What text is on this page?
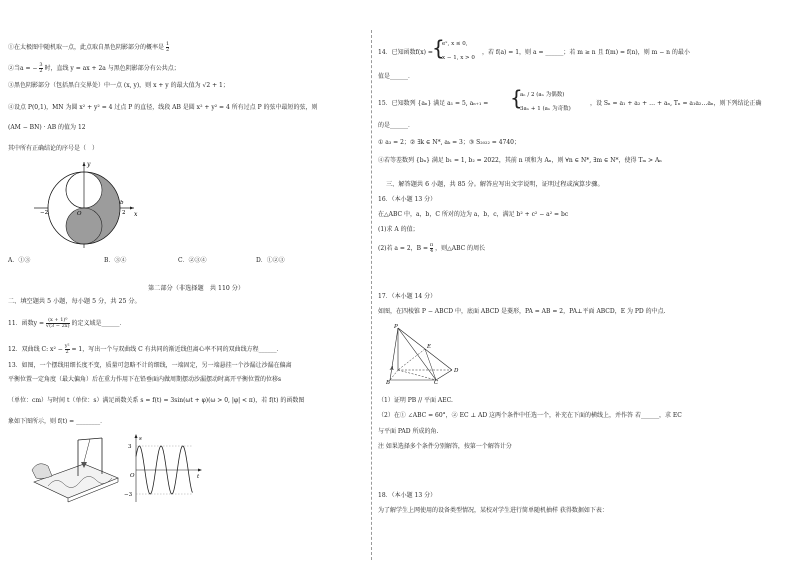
①在太极图中随机取一点，此点取自黑色阴影部分的概率是 $\frac{1}{2}$
②当a = − $\frac{3}{2}$ 时，直线 y = ax + 2a 与黑色阴影部分有公共点；
③黑色阴影部分（包括黑白交界处）中一点 (x, y)，则 x + y 的最大值为 √2 + 1；
④设点 P(0,1)，MN 为圆 x² + y² = 4 过点 P 的直径，线段 AB 是圆 x² + y² = 4 所有过点 P 的弦中最短的弦，则
(AM − BN) · AB 的值为 12
其中所有正确结论的序号是（　）
x
y
−2	2
O
b
A．①③	B．③④	C．②③④	D．①②③
第二部分（非选择题　共 110 分）
二、填空题共 5 小题，每小题 5 分，共 25 分。
11．函数$y = \frac{\text{(x + 1)⁰}}{√(3 - 2x)}$ 的定义域是______．
12．双曲线 C: $x^2 - \frac{\text{y²}}{2} = 1$，写出一个与双曲线 C 有共同的渐近线但离心率不同的双曲线方程______．
13．如图，一个摆线用细长度不变，质量可忽略不计的细线，一端固定，另一端悬挂一个沙漏让沙漏在偏离
平衡位置一定角度（最大偏角）后在重力作用下在铅垂面内做周期摆动沙漏摆动时离开平衡位置的位移s
（单位：cm）与时间 t（单位：s）满足函数关系 s = f(t) = 3sin(ωt + φ)(ω > 0, |φ| < π)，若 f(t) 的函数图
象如下图所示，则 f(t) = ________．
3
−3
O	t
s
14．已知函数f(x) = {
eˣ, x ≤ 0,
x − 1, x > 0
，若 f(a) = 1，则 a = ______；若 m ≥ n 且 f(m) = f(n)，则 m − n 的最小
值是______．
15．已知数列 {aₙ} 满足 a₁ = 5, aₙ₊₁ = {
aₙ / 2 (aₙ 为偶数)
3aₙ + 1 (aₙ 为奇数)
，设 Sₙ = a₁ + a₂ + … + aₙ, Tₙ = a₁a₂…aₙ，则下列结论正确
的是______．
① a₃ = 2；② ∃k ∈ N*, aₖ = 3；③ S₂₀₂₂ = 4740；
④若等差数列 {bₙ} 满足 b₁ = 1, b₂ = 2022，其前 n 项和为 Aₙ，则 ∀n ∈ N*, ∃m ∈ N*，使得 Tₘ > Aₙ
三、解答题共 6 小题，共 85 分。解答应写出文字说明，证明过程或演算步骤。
16．（本小题 13 分）
在△ABC 中，a，b，C 所对的边为 a，b，c，满足 b² + c² − a² = bc
(1)求 A 的值；
(2)若 a = 2，$B = \frac{\pi}{4}$ ，则△ABC 的周长
17．（本小题 14 分）
如图，在四棱锥 P − ABCD 中，底面 ABCD 是菱形，PA = AB = 2，PA⊥平面 ABCD，E 为 PD 的中点.
P
A
B	C
D
E
（1）证明 PB // 平面 AEC.
（2）在① ∠ABC = 60°，② EC ⊥ AD 这两个条件中任选一个，补充在下面的横线上，并作答 若______，求 EC
与平面 PAD 所成的角.
注 如果选择多个条件分别解答，按第一个解答计分
18．（本小题 13 分）
为了解学生上网使用的设备类型情况，某校对学生进行简单随机抽样 获得数据如下表：
